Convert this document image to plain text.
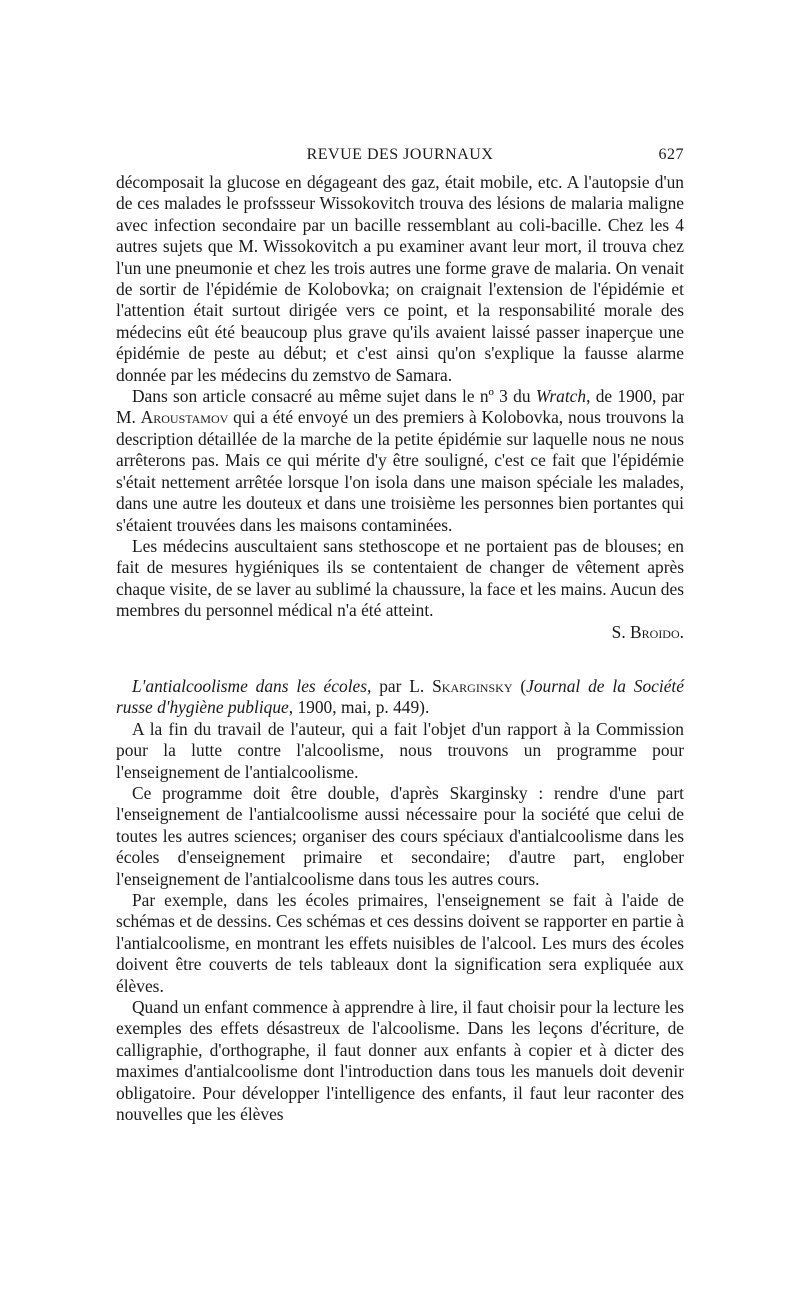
REVUE DES JOURNAUX	627

décomposait la glucose en dégageant des gaz, était mobile, etc. A l'autopsie d'un de ces malades le profssseur Wissokovitch trouva des lésions de malaria maligne avec infection secondaire par un bacille ressemblant au coli-bacille. Chez les 4 autres sujets que M. Wissokovitch a pu examiner avant leur mort, il trouva chez l'un une pneumonie et chez les trois autres une forme grave de malaria. On venait de sortir de l'épidémie de Kolobovka; on craignait l'extension de l'épidémie et l'attention était surtout dirigée vers ce point, et la responsabilité morale des médecins eût été beaucoup plus grave qu'ils avaient laissé passer inaperçue une épidémie de peste au début; et c'est ainsi qu'on s'explique la fausse alarme donnée par les médecins du zemstvo de Samara.

Dans son article consacré au même sujet dans le nº 3 du Wratch, de 1900, par M. Aroustamov qui a été envoyé un des premiers à Kolobovka, nous trouvons la description détaillée de la marche de la petite épidémie sur laquelle nous ne nous arrêterons pas. Mais ce qui mérite d'y être souligné, c'est ce fait que l'épidémie s'était nettement arrêtée lorsque l'on isola dans une maison spéciale les malades, dans une autre les douteux et dans une troisième les personnes bien portantes qui s'étaient trouvées dans les maisons contaminées.

Les médecins auscultaient sans stethoscope et ne portaient pas de blouses; en fait de mesures hygiéniques ils se contentaient de changer de vêtement après chaque visite, de se laver au sublimé la chaussure, la face et les mains. Aucun des membres du personnel médical n'a été atteint.

S. Broido.

L'antialcoolisme dans les écoles, par L. Skarginsky (Journal de la Société russe d'hygiène publique, 1900, mai, p. 449).

A la fin du travail de l'auteur, qui a fait l'objet d'un rapport à la Commission pour la lutte contre l'alcoolisme, nous trouvons un programme pour l'enseignement de l'antialcoolisme.

Ce programme doit être double, d'après Skarginsky : rendre d'une part l'enseignement de l'antialcoolisme aussi nécessaire pour la société que celui de toutes les autres sciences; organiser des cours spéciaux d'antialcoolisme dans les écoles d'enseignement primaire et secondaire; d'autre part, englober l'enseignement de l'antialcoolisme dans tous les autres cours.

Par exemple, dans les écoles primaires, l'enseignement se fait à l'aide de schémas et de dessins. Ces schémas et ces dessins doivent se rapporter en partie à l'antialcoolisme, en montrant les effets nuisibles de l'alcool. Les murs des écoles doivent être couverts de tels tableaux dont la signification sera expliquée aux élèves.

Quand un enfant commence à apprendre à lire, il faut choisir pour la lecture les exemples des effets désastreux de l'alcoolisme. Dans les leçons d'écriture, de calligraphie, d'orthographe, il faut donner aux enfants à copier et à dicter des maximes d'antialcoolisme dont l'introduction dans tous les manuels doit devenir obligatoire. Pour développer l'intelligence des enfants, il faut leur raconter des nouvelles que les élèves
